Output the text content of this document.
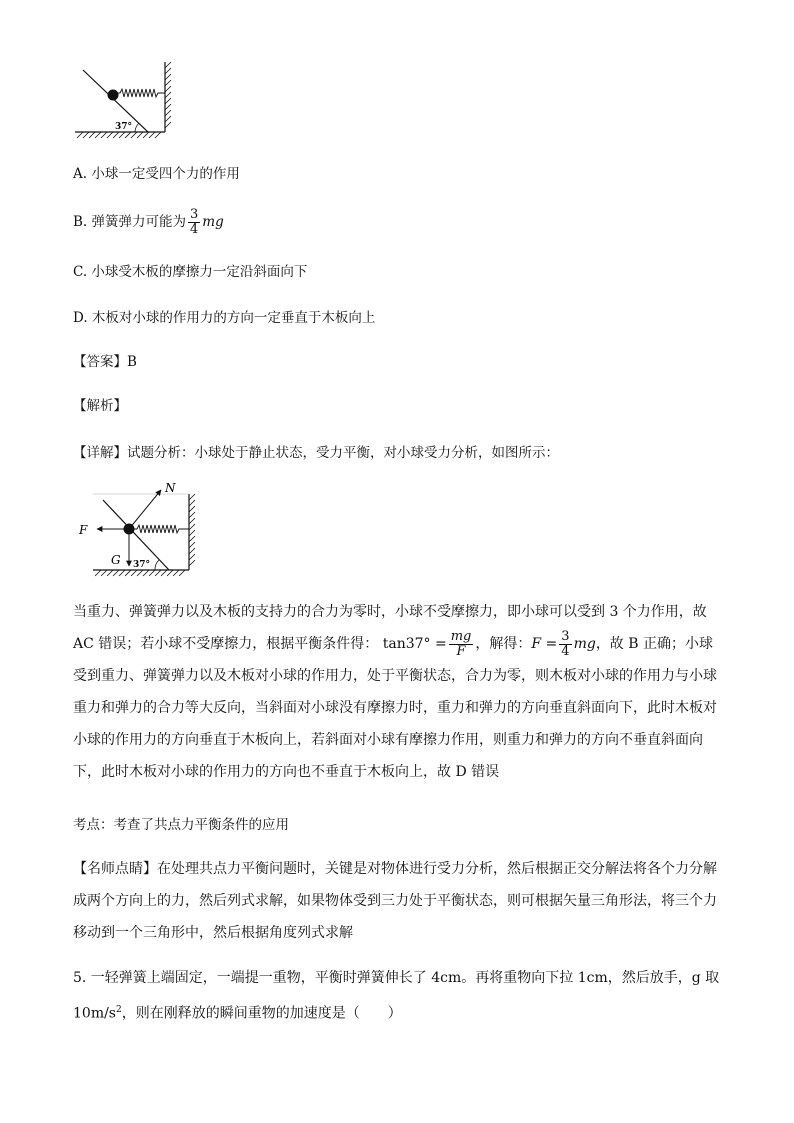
37°
A. 小球一定受四个力的作用
B. 弹簧弹力可能为 $\frac{3}{4}$ mg
C. 小球受木板的摩擦力一定沿斜面向下
D. 木板对小球的作用力的方向一定垂直于木板向上
【答案】B
【解析】
【详解】试题分析：小球处于静止状态，受力平衡，对小球受力分析，如图所示：
N
F
G 37°
当重力、弹簧弹力以及木板的支持力的合力为零时，小球不受摩擦力，即小球可以受到 3 个力作用，故 AC 错误；若小球不受摩擦力，根据平衡条件得： $\tan 37^\circ = \frac{mg}{F}$ ，解得：$F = \frac{3}{4}$ mg，故 B 正确；小球受到重力、弹簧弹力以及木板对小球的作用力，处于平衡状态，合力为零，则木板对小球的作用力与小球重力和弹力的合力等大反向，当斜面对小球没有摩擦力时，重力和弹力的方向垂直斜面向下，此时木板对小球的作用力的方向垂直于木板向上，若斜面对小球有摩擦力作用，则重力和弹力的方向不垂直斜面向下，此时木板对小球的作用力的方向也不垂直于木板向上，故 D 错误
考点：考查了共点力平衡条件的应用
【名师点睛】在处理共点力平衡问题时，关键是对物体进行受力分析，然后根据正交分解法将各个力分解成两个方向上的力，然后列式求解，如果物体受到三力处于平衡状态，则可根据矢量三角形法，将三个力移动到一个三角形中，然后根据角度列式求解
5. 一轻弹簧上端固定，一端提一重物，平衡时弹簧伸长了 4cm。再将重物向下拉 1cm，然后放手，g 取 $10m/s^2$，则在刚释放的瞬间重物的加速度是（　　）
